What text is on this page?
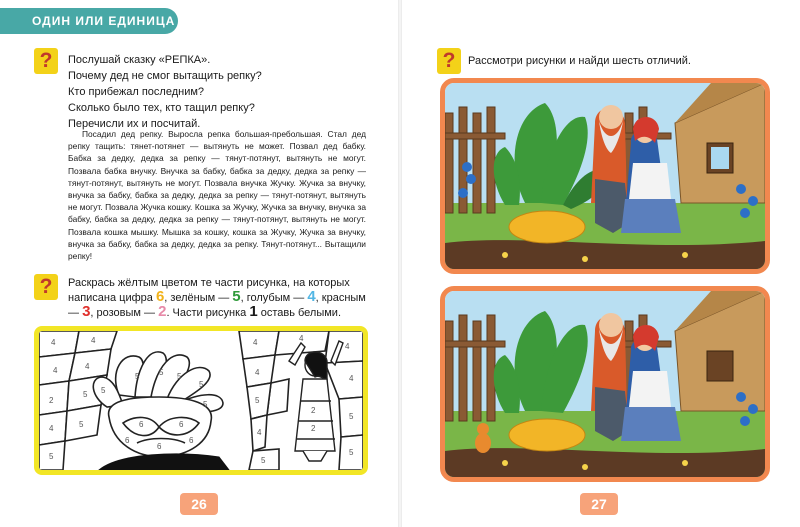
ОДИН ИЛИ ЕДИНИЦА
?	Послушай сказку «РЕПКА».
Почему дед не смог вытащить репку?
Кто прибежал последним?
Сколько было тех, кто тащил репку?
Перечисли их и посчитай.

Посадил дед репку. Выросла репка большая-пребольшая. Стал дед репку тащить: тянет-потянет — вытянуть не может. Позвал дед бабку. Бабка за дедку, дедка за репку — тянут-потянут, вытянуть не могут. Позвала бабка внучку. Внучка за бабку, бабка за дедку, дедка за репку — тянут-потянут, вытянуть не могут. Позвала внучка Жучку. Жучка за внучку, внучка за бабку, бабка за дедку, дедка за репку — тянут-потянут, вытянуть не могут. Позвала Жучка кошку. Кошка за Жучку, Жучка за внучку, внучка за бабку, бабка за дедку, дедка за репку — тянут-потянут, вытянуть не могут. Позвала кошка мышку. Мышка за кошку, кошка за Жучку, Жучка за внучку, внучка за бабку, бабка за дедку, дедка за репку. Тянут-потянут... Вытащили репку!

?	Раскрась жёлтым цветом те части рисунка, на которых написана цифра 6, зелёным — 5, голубым — 4, красным — 3, розовым — 2. Части рисунка 1 оставь белыми.
4	4
4	4
2
5
4	5
5
5 5 5
5
5
5
6	6
6
6	6
4	4
4
4
4
5
5
5
4
5
2
2
26
?	Рассмотри рисунки и найди шесть отличий.
27
